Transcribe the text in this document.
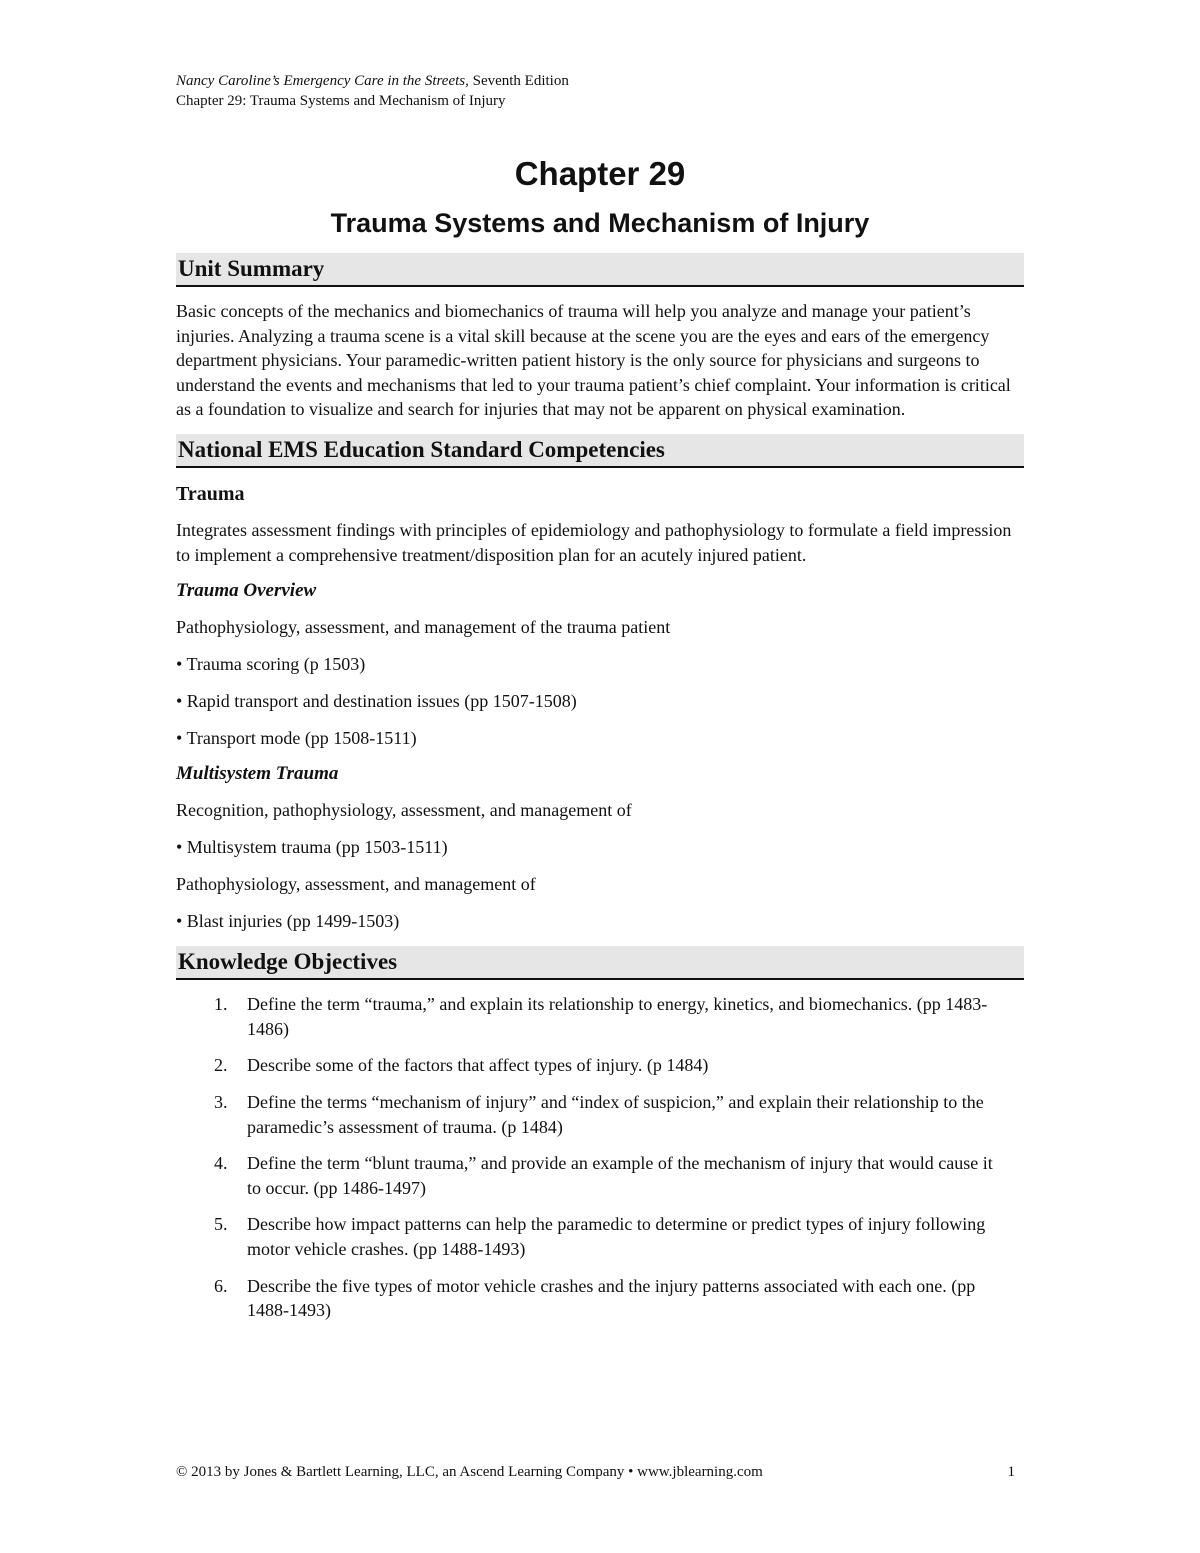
Nancy Caroline’s Emergency Care in the Streets, Seventh Edition
Chapter 29: Trauma Systems and Mechanism of Injury
Chapter 29
Trauma Systems and Mechanism of Injury
Unit Summary

Basic concepts of the mechanics and biomechanics of trauma will help you analyze and manage your patient’s injuries. Analyzing a trauma scene is a vital skill because at the scene you are the eyes and ears of the emergency department physicians. Your paramedic-written patient history is the only source for physicians and surgeons to understand the events and mechanisms that led to your trauma patient’s chief complaint. Your information is critical as a foundation to visualize and search for injuries that may not be apparent on physical examination.

National EMS Education Standard Competencies
Trauma

Integrates assessment findings with principles of epidemiology and pathophysiology to formulate a field impression to implement a comprehensive treatment/disposition plan for an acutely injured patient.

Trauma Overview

Pathophysiology, assessment, and management of the trauma patient

• Trauma scoring (p 1503)

• Rapid transport and destination issues (pp 1507-1508)

• Transport mode (pp 1508-1511)

Multisystem Trauma

Recognition, pathophysiology, assessment, and management of

• Multisystem trauma (pp 1503-1511)

Pathophysiology, assessment, and management of

• Blast injuries (pp 1499-1503)

Knowledge Objectives
1.	Define the term “trauma,” and explain its relationship to energy, kinetics, and biomechanics. (pp 1483-1486)
2.	Describe some of the factors that affect types of injury. (p 1484)
3.	Define the terms “mechanism of injury” and “index of suspicion,” and explain their relationship to the paramedic’s assessment of trauma. (p 1484)
4.	Define the term “blunt trauma,” and provide an example of the mechanism of injury that would cause it to occur. (pp 1486-1497)
5.	Describe how impact patterns can help the paramedic to determine or predict types of injury following motor vehicle crashes. (pp 1488-1493)
6.	Describe the five types of motor vehicle crashes and the injury patterns associated with each one. (pp 1488-1493)
© 2013 by Jones & Bartlett Learning, LLC, an Ascend Learning Company • www.jblearning.com	1
